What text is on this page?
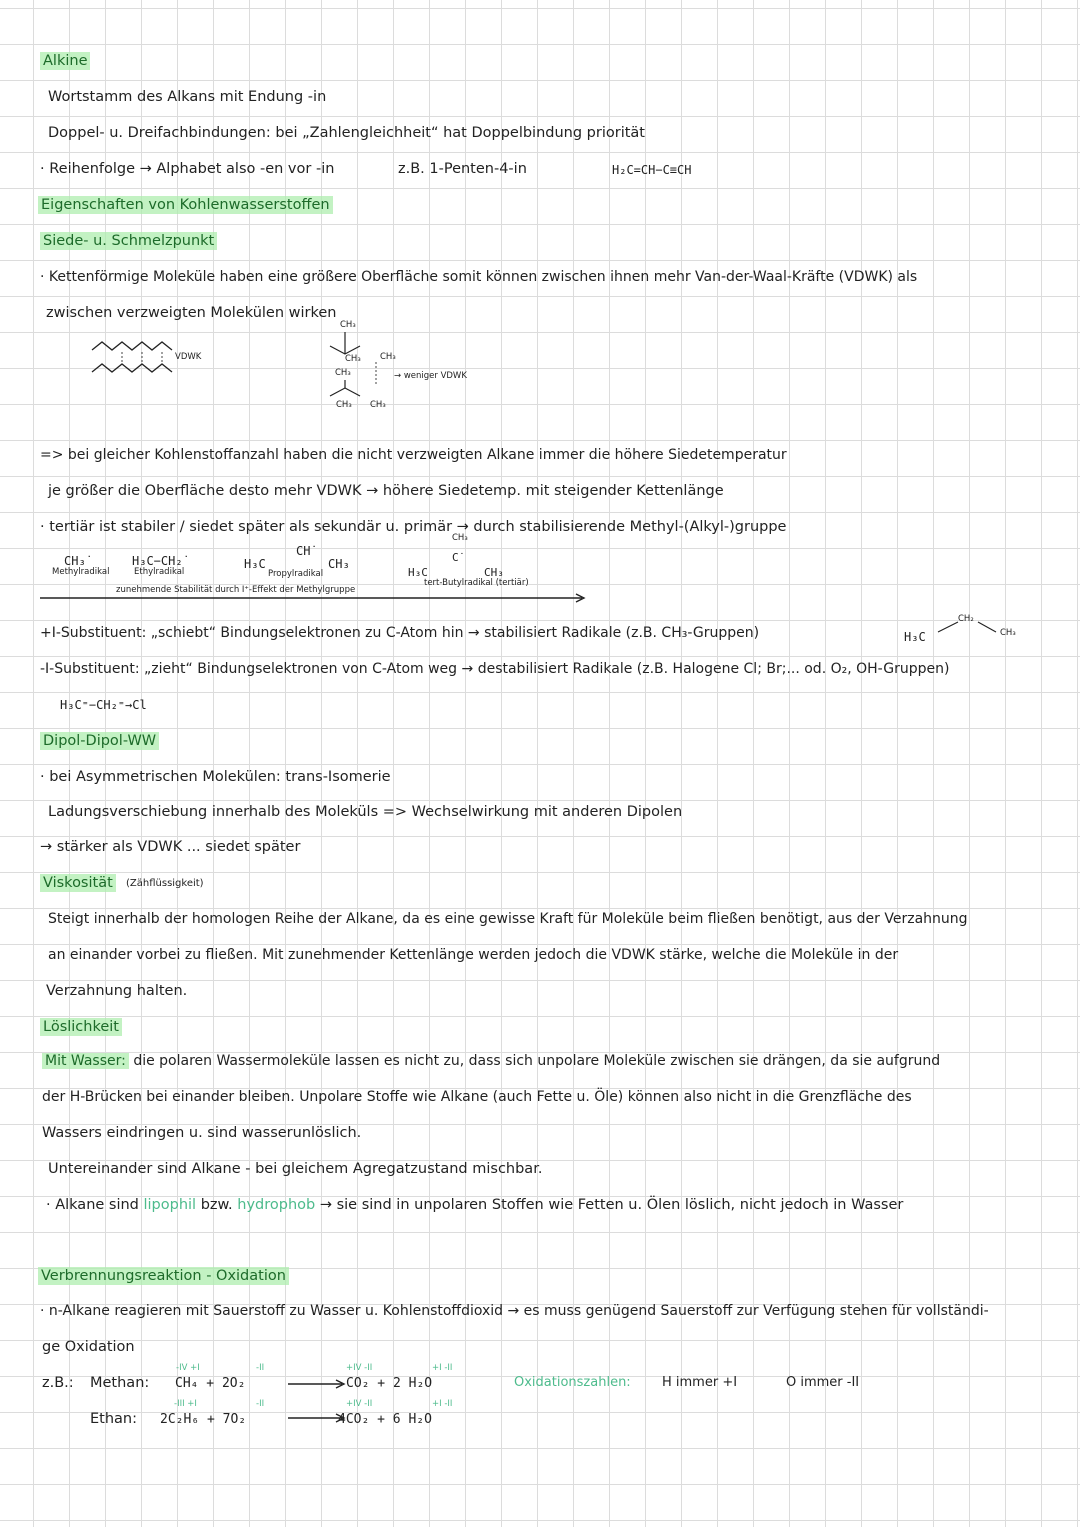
Alkine
Wortstamm des Alkans mit Endung -in
Doppel- u. Dreifachbindungen: bei „Zahlengleichheit“ hat Doppelbindung priorität
· Reihenfolge → Alphabet also -en vor -in	z.B. 1-Penten-4-in	H₂C=CH−C≡CH
Eigenschaften von Kohlenwasserstoffen
Siede- u. Schmelzpunkt
· Kettenförmige Moleküle haben eine größere Oberfläche somit können zwischen ihnen mehr Van-der-Waal-Kräfte (VDWK) als
zwischen verzweigten Molekülen wirken
VDWK
CH₃
CH₃ CH₃
CH₃
CH₃ CH₃
→ weniger VDWK
=> bei gleicher Kohlenstoffanzahl haben die nicht verzweigten Alkane immer die höhere Siedetemperatur
je größer die Oberfläche desto mehr VDWK → höhere Siedetemp. mit steigender Kettenlänge
· tertiär ist stabiler / siedet später als sekundär u. primär → durch stabilisierende Methyl-(Alkyl-)gruppe
CH₃˙
Methylradikal
H₃C−CH₂˙
Ethylradikal
H₃C
CH˙
CH₃
Propylradikal
CH₃
H₃C
C˙
CH₃
tert-Butylradikal (tertiär)
zunehmende Stabilität durch I⁺-Effekt der Methylgruppe
+I-Substituent: „schiebt“ Bindungselektronen zu C-Atom hin → stabilisiert Radikale (z.B. CH₃-Gruppen)
-I-Substituent: „zieht“ Bindungselektronen von C-Atom weg → destabilisiert Radikale (z.B. Halogene Cl; Br;... od. O₂, OH-Gruppen)
H₃C
CH₂
CH₃
H₃C⁼−CH₂⁼→Cl
Dipol-Dipol-WW
· bei Asymmetrischen Molekülen: trans-Isomerie
Ladungsverschiebung innerhalb des Moleküls => Wechselwirkung mit anderen Dipolen
→ stärker als VDWK ... siedet später
Viskosität	(Zähflüssigkeit)
Steigt innerhalb der homologen Reihe der Alkane, da es eine gewisse Kraft für Moleküle beim fließen benötigt, aus der Verzahnung
an einander vorbei zu fließen. Mit zunehmender Kettenlänge werden jedoch die VDWK stärke, welche die Moleküle in der
Verzahnung halten.
Löslichkeit
Mit Wasser: die polaren Wassermoleküle lassen es nicht zu, dass sich unpolare Moleküle zwischen sie drängen, da sie aufgrund
der H-Brücken bei einander bleiben. Unpolare Stoffe wie Alkane (auch Fette u. Öle) können also nicht in die Grenzfläche des
Wassers eindringen u. sind wasserunlöslich.
Untereinander sind Alkane - bei gleichem Agregatzustand mischbar.
· Alkane sind lipophil bzw. hydrophob → sie sind in unpolaren Stoffen wie Fetten u. Ölen löslich, nicht jedoch in Wasser
Verbrennungsreaktion - Oxidation
· n-Alkane reagieren mit Sauerstoff zu Wasser u. Kohlenstoffdioxid → es muss genügend Sauerstoff zur Verfügung stehen für vollständi-
ge Oxidation
z.B.: Methan: CH₄ + 2O₂	CO₂ + 2 H₂O
Ethan: 2C₂H₆ + 7O₂	4CO₂ + 6 H₂O
-IV +I	-II	+IV -II	+I -II
-III +I	-II	+IV -II	+I -II
Oxidationszahlen: H immer +I	O immer -II
